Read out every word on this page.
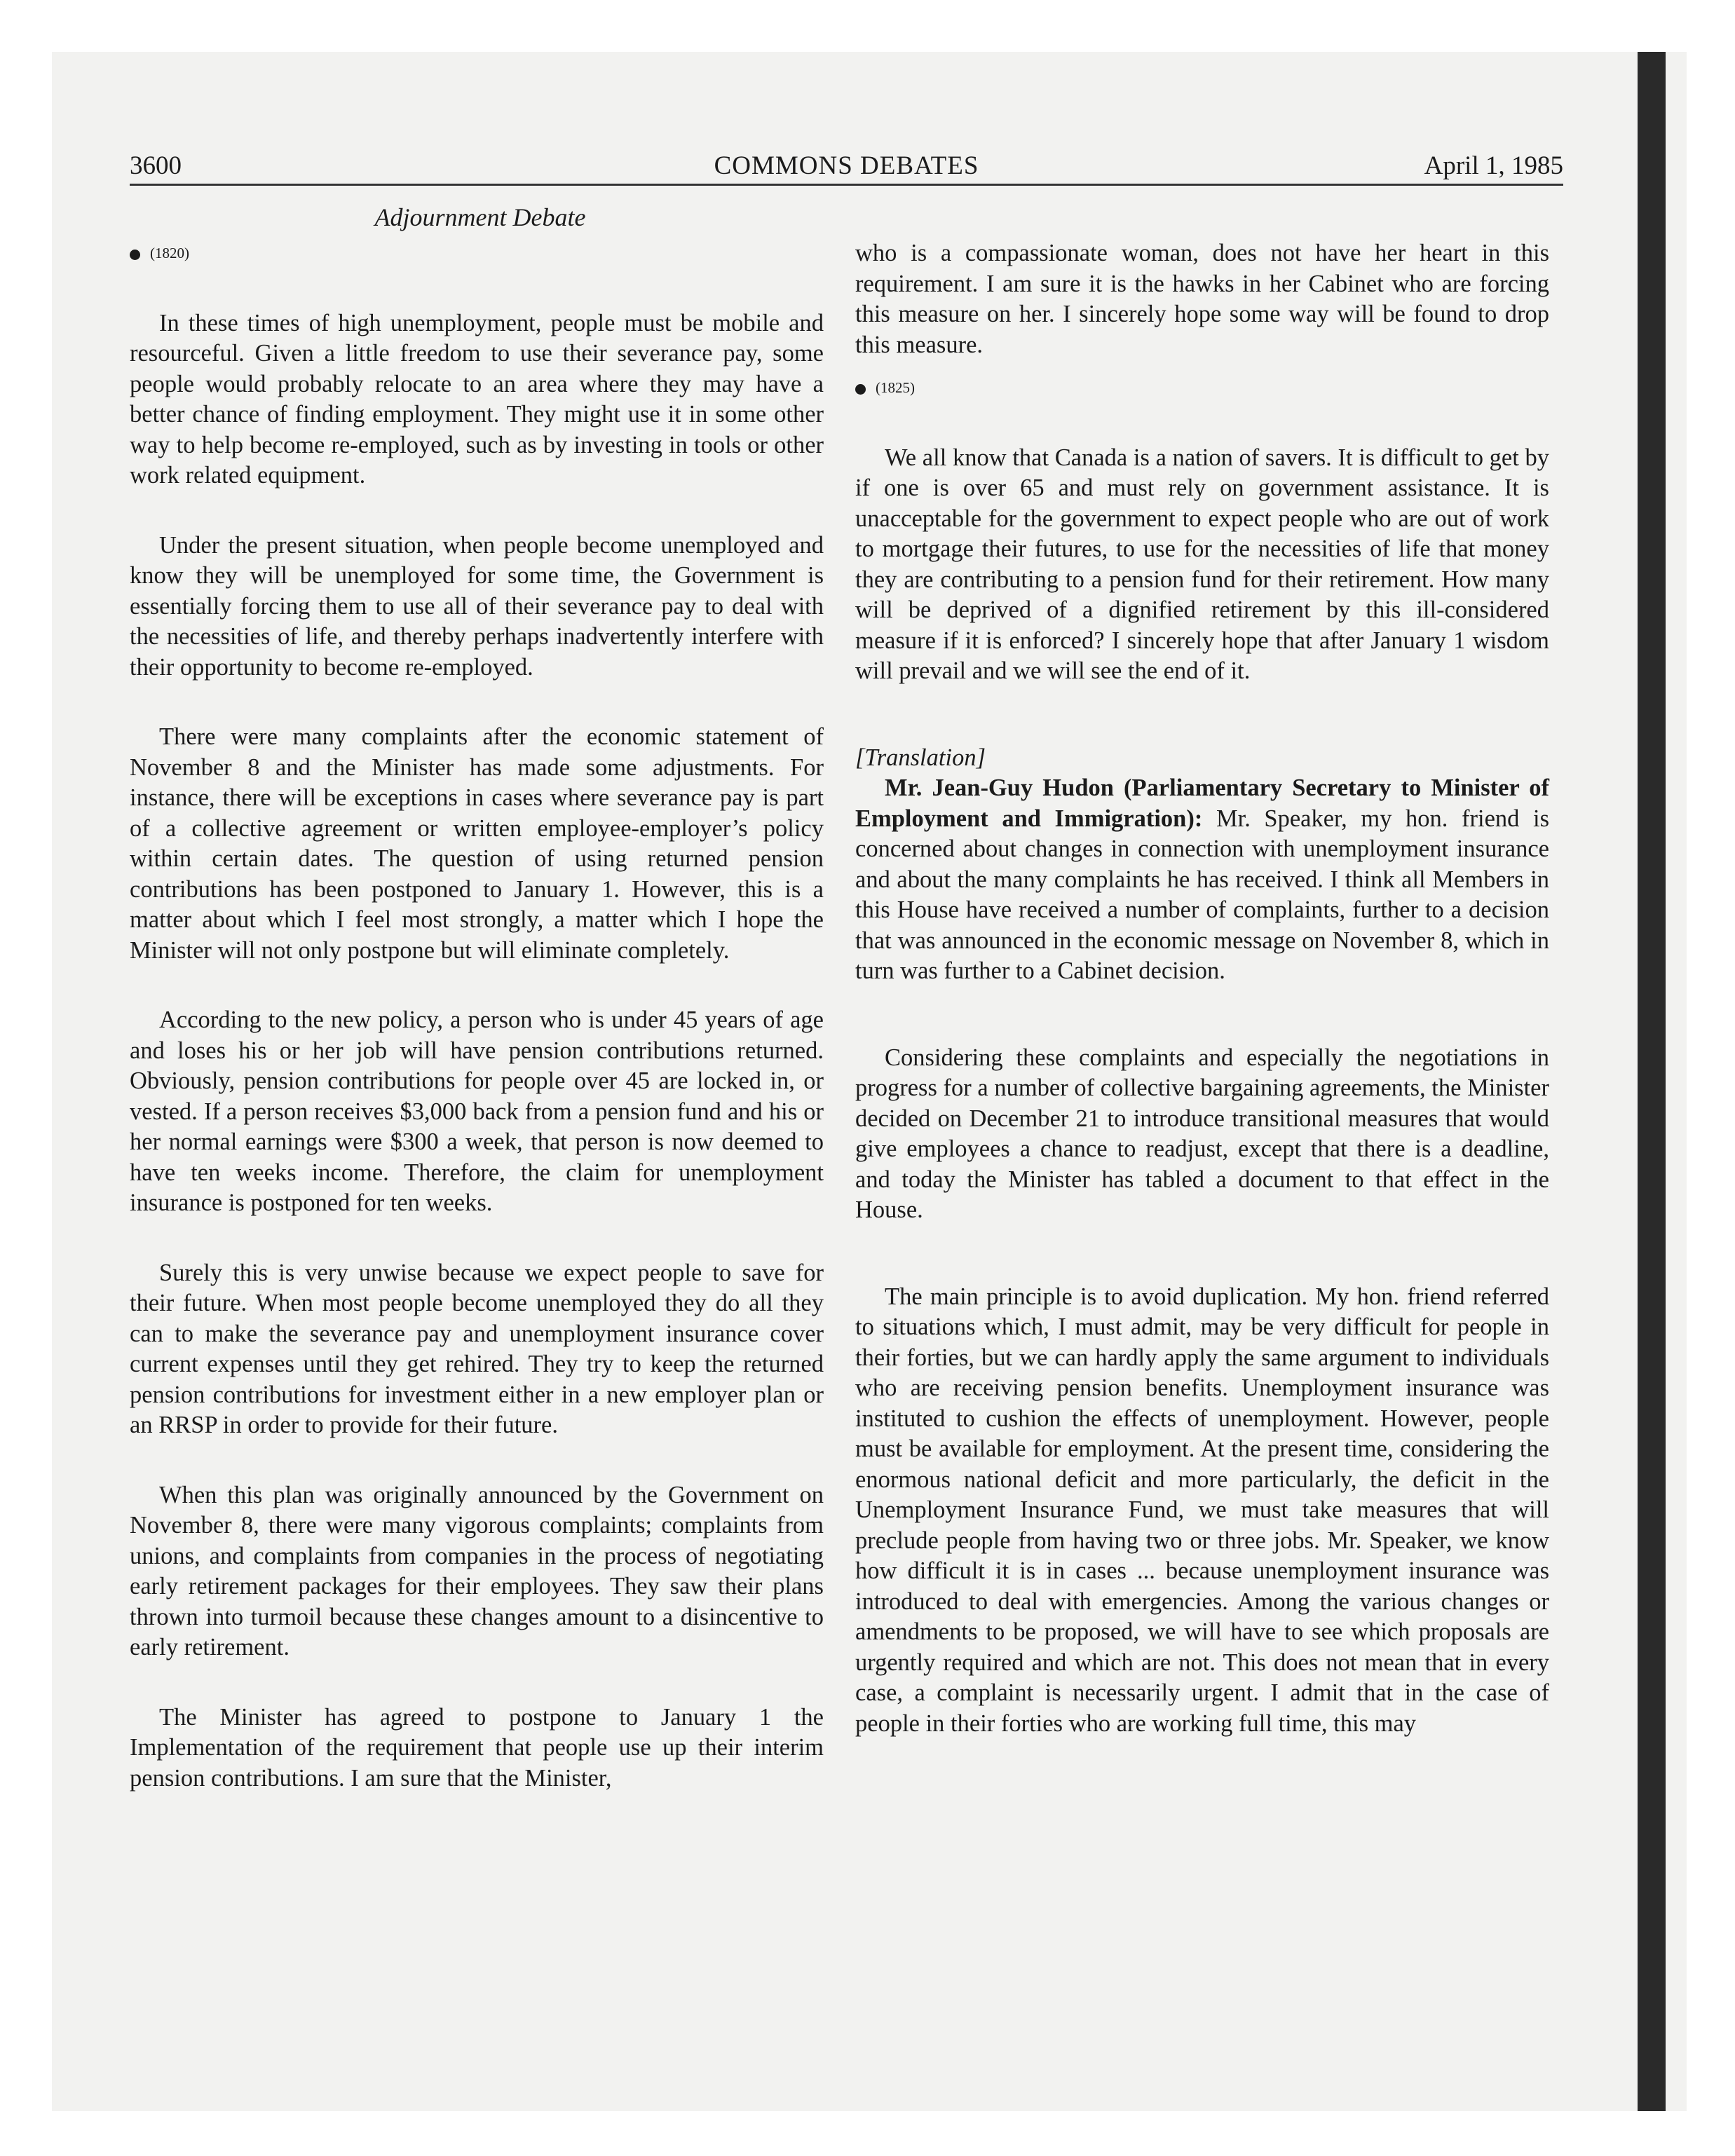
3600	COMMONS DEBATES	April 1, 1985
Adjournment Debate
(1820)

In these times of high unemployment, people must be mobile and resourceful. Given a little freedom to use their severance pay, some people would probably relocate to an area where they may have a better chance of finding employment. They might use it in some other way to help become re-employed, such as by investing in tools or other work related equipment.

Under the present situation, when people become unemployed and know they will be unemployed for some time, the Government is essentially forcing them to use all of their severance pay to deal with the necessities of life, and thereby perhaps inadvertently interfere with their opportunity to become re-employed.

There were many complaints after the economic statement of November 8 and the Minister has made some adjustments. For instance, there will be exceptions in cases where severance pay is part of a collective agreement or written employee-employer’s policy within certain dates. The question of using returned pension contributions has been postponed to January 1. However, this is a matter about which I feel most strongly, a matter which I hope the Minister will not only postpone but will eliminate completely.

According to the new policy, a person who is under 45 years of age and loses his or her job will have pension contributions returned. Obviously, pension contributions for people over 45 are locked in, or vested. If a person receives $3,000 back from a pension fund and his or her normal earnings were $300 a week, that person is now deemed to have ten weeks income. Therefore, the claim for unemployment insurance is postponed for ten weeks.

Surely this is very unwise because we expect people to save for their future. When most people become unemployed they do all they can to make the severance pay and unemployment insurance cover current expenses until they get rehired. They try to keep the returned pension contributions for investment either in a new employer plan or an RRSP in order to provide for their future.

When this plan was originally announced by the Government on November 8, there were many vigorous complaints; complaints from unions, and complaints from companies in the process of negotiating early retirement packages for their employees. They saw their plans thrown into turmoil because these changes amount to a disincentive to early retirement.

The Minister has agreed to postpone to January 1 the Implementation of the requirement that people use up their interim pension contributions. I am sure that the Minister,

who is a compassionate woman, does not have her heart in this requirement. I am sure it is the hawks in her Cabinet who are forcing this measure on her. I sincerely hope some way will be found to drop this measure.

(1825)

We all know that Canada is a nation of savers. It is difficult to get by if one is over 65 and must rely on government assistance. It is unacceptable for the government to expect people who are out of work to mortgage their futures, to use for the necessities of life that money they are contributing to a pension fund for their retirement. How many will be deprived of a dignified retirement by this ill-considered measure if it is enforced? I sincerely hope that after January 1 wisdom will prevail and we will see the end of it.

[Translation]

Mr. Jean-Guy Hudon (Parliamentary Secretary to Minister of Employment and Immigration): Mr. Speaker, my hon. friend is concerned about changes in connection with unemployment insurance and about the many complaints he has received. I think all Members in this House have received a number of complaints, further to a decision that was announced in the economic message on November 8, which in turn was further to a Cabinet decision.

Considering these complaints and especially the negotiations in progress for a number of collective bargaining agreements, the Minister decided on December 21 to introduce transitional measures that would give employees a chance to readjust, except that there is a deadline, and today the Minister has tabled a document to that effect in the House.

The main principle is to avoid duplication. My hon. friend referred to situations which, I must admit, may be very difficult for people in their forties, but we can hardly apply the same argument to individuals who are receiving pension benefits. Unemployment insurance was instituted to cushion the effects of unemployment. However, people must be available for employment. At the present time, considering the enormous national deficit and more particularly, the deficit in the Unemployment Insurance Fund, we must take measures that will preclude people from having two or three jobs. Mr. Speaker, we know how difficult it is in cases ... because unemployment insurance was introduced to deal with emergencies. Among the various changes or amendments to be proposed, we will have to see which proposals are urgently required and which are not. This does not mean that in every case, a complaint is necessarily urgent. I admit that in the case of people in their forties who are working full time, this may
